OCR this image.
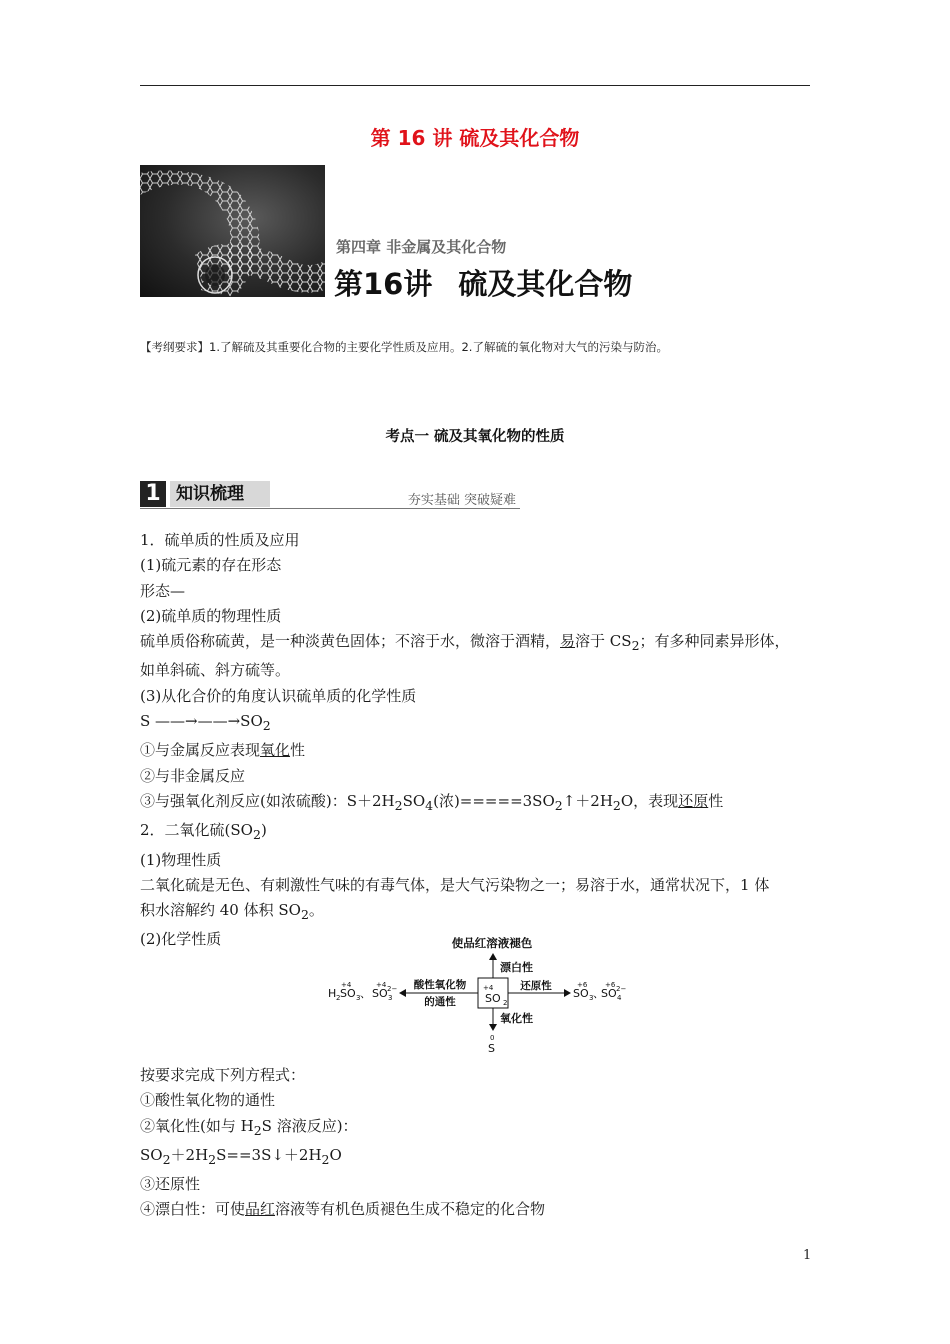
第 16 讲 硫及其化合物
第四章 非金属及其化合物
第16讲 硫及其化合物
【考纲要求】1.了解硫及其重要化合物的主要化学性质及应用。2.了解硫的氧化物对大气的污染与防治。
考点一 硫及其氧化物的性质
1 知识梳理	夯实基础 突破疑难

1．硫单质的性质及应用

(1)硫元素的存在形态

形态—

(2)硫单质的物理性质

硫单质俗称硫黄，是一种淡黄色固体；不溶于水，微溶于酒精，易溶于 $CS_2$；有多种同素异形体，

如单斜硫、斜方硫等。

(3)从化合价的角度认识硫单质的化学性质

S $——\to——\to SO_2$

①与金属反应表现氧化性

②与非金属反应

③与强氧化剂反应(如浓硫酸)：$S+2H_2SO_4$(浓)$=====3SO_2↑+2H_2O$，表现还原性

2．二氧化硫$(SO_2)$

(1)物理性质

二氧化硫是无色、有刺激性气味的有毒气体，是大气污染物之一；易溶于水，通常状况下，1 体

积水溶解约 40 体积 $SO_2$。

(2)化学性质	使品红溶液褪色
+4
SO 2
漂白性
氧化性
0
S
酸性氧化物
的通性
+4
H 2 SO 3 、
+4
SO 3
2−	还原性	+6
SO 3 、
+6
SO 4
2−

按要求完成下列方程式：

①酸性氧化物的通性

②氧化性(如与 $H_2S$ 溶液反应)：

$SO_2+2H_2S==3S↓+2H_2O$

③还原性

④漂白性：可使品红溶液等有机色质褪色生成不稳定的化合物

1
